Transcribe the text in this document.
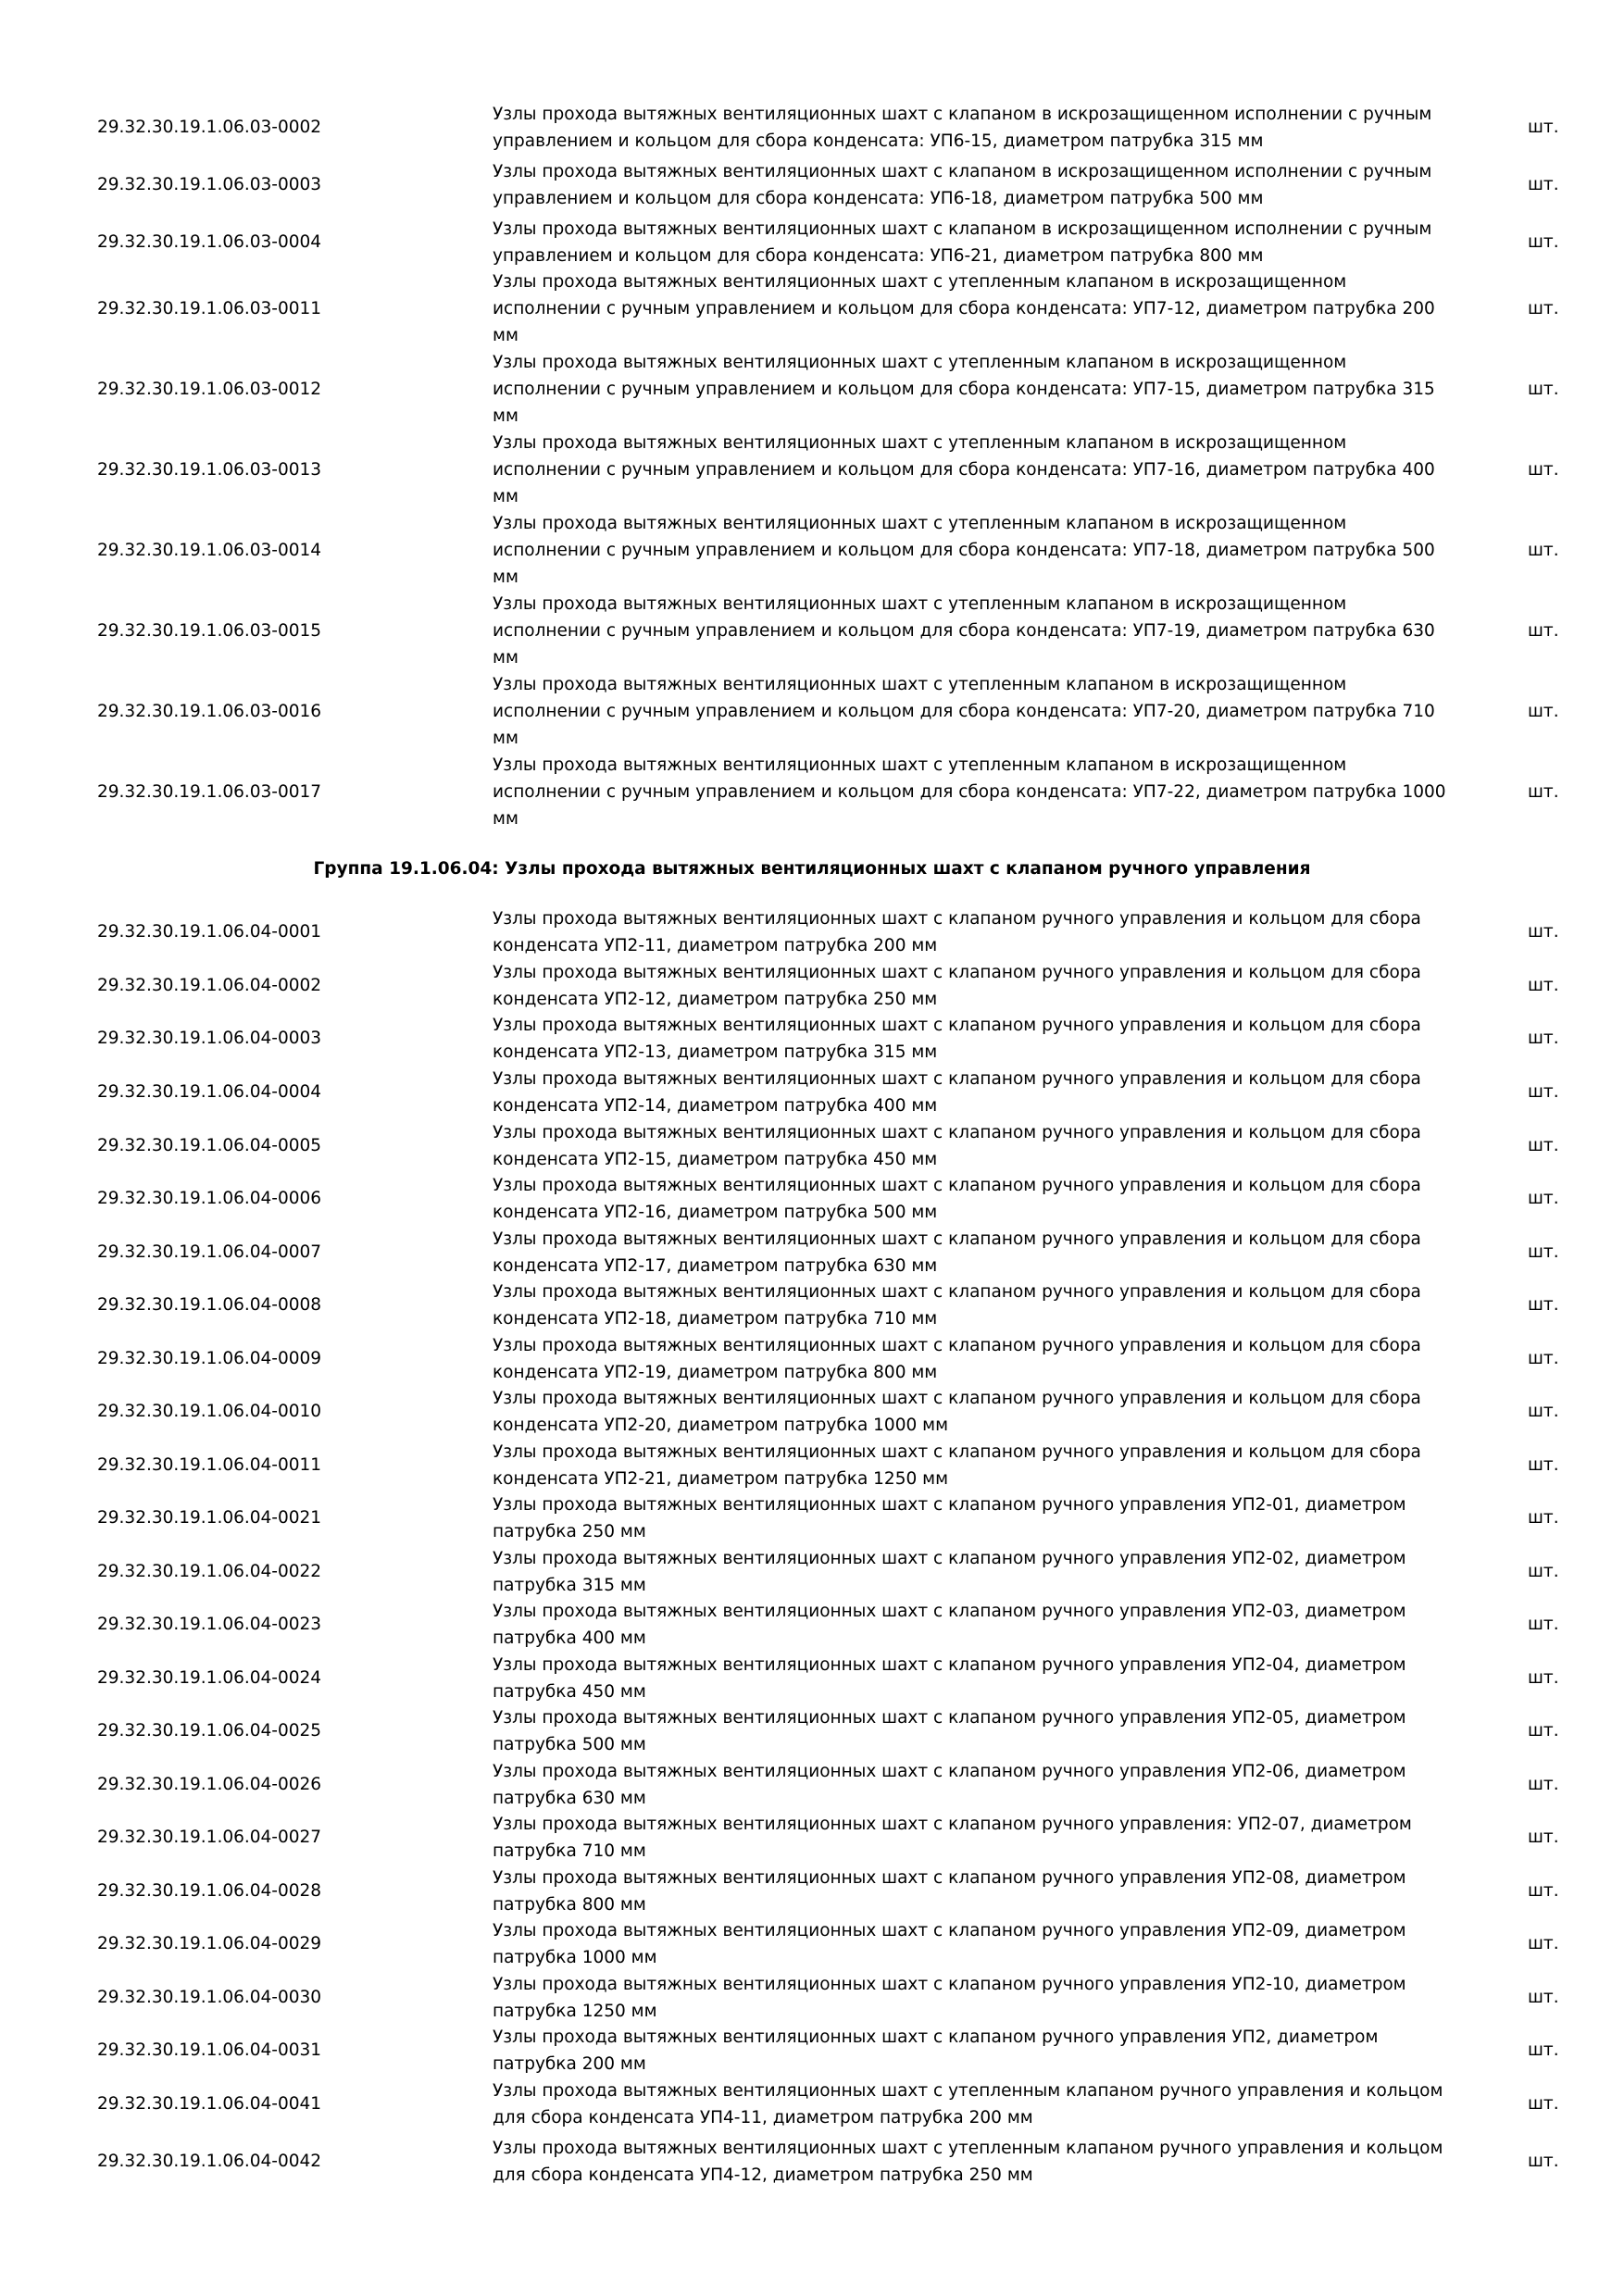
29.32.30.19.1.06.03-0002
Узлы прохода вытяжных вентиляционных шахт с клапаном в искрозащищенном исполнении с ручным управлением и кольцом для сбора конденсата: УП6-15, диаметром патрубка 315 мм
шт.
29.32.30.19.1.06.03-0003
Узлы прохода вытяжных вентиляционных шахт с клапаном в искрозащищенном исполнении с ручным управлением и кольцом для сбора конденсата: УП6-18, диаметром патрубка 500 мм
шт.
29.32.30.19.1.06.03-0004
Узлы прохода вытяжных вентиляционных шахт с клапаном в искрозащищенном исполнении с ручным управлением и кольцом для сбора конденсата: УП6-21, диаметром патрубка 800 мм
шт.
29.32.30.19.1.06.03-0011
Узлы прохода вытяжных вентиляционных шахт с утепленным клапаном в искрозащищенном исполнении с ручным управлением и кольцом для сбора конденсата: УП7-12, диаметром патрубка 200 мм
шт.
29.32.30.19.1.06.03-0012
Узлы прохода вытяжных вентиляционных шахт с утепленным клапаном в искрозащищенном исполнении с ручным управлением и кольцом для сбора конденсата: УП7-15, диаметром патрубка 315 мм
шт.
29.32.30.19.1.06.03-0013
Узлы прохода вытяжных вентиляционных шахт с утепленным клапаном в искрозащищенном исполнении с ручным управлением и кольцом для сбора конденсата: УП7-16, диаметром патрубка 400 мм
шт.
29.32.30.19.1.06.03-0014
Узлы прохода вытяжных вентиляционных шахт с утепленным клапаном в искрозащищенном исполнении с ручным управлением и кольцом для сбора конденсата: УП7-18, диаметром патрубка 500 мм
шт.
29.32.30.19.1.06.03-0015
Узлы прохода вытяжных вентиляционных шахт с утепленным клапаном в искрозащищенном исполнении с ручным управлением и кольцом для сбора конденсата: УП7-19, диаметром патрубка 630 мм
шт.
29.32.30.19.1.06.03-0016
Узлы прохода вытяжных вентиляционных шахт с утепленным клапаном в искрозащищенном исполнении с ручным управлением и кольцом для сбора конденсата: УП7-20, диаметром патрубка 710 мм
шт.
29.32.30.19.1.06.03-0017
Узлы прохода вытяжных вентиляционных шахт с утепленным клапаном в искрозащищенном исполнении с ручным управлением и кольцом для сбора конденсата: УП7-22, диаметром патрубка 1000 мм
шт.
Группа 19.1.06.04: Узлы прохода вытяжных вентиляционных шахт с клапаном ручного управления
29.32.30.19.1.06.04-0001
Узлы прохода вытяжных вентиляционных шахт с клапаном ручного управления и кольцом для сбора конденсата УП2-11, диаметром патрубка 200 мм
шт.
29.32.30.19.1.06.04-0002
Узлы прохода вытяжных вентиляционных шахт с клапаном ручного управления и кольцом для сбора конденсата УП2-12, диаметром патрубка 250 мм
шт.
29.32.30.19.1.06.04-0003
Узлы прохода вытяжных вентиляционных шахт с клапаном ручного управления и кольцом для сбора конденсата УП2-13, диаметром патрубка 315 мм
шт.
29.32.30.19.1.06.04-0004
Узлы прохода вытяжных вентиляционных шахт с клапаном ручного управления и кольцом для сбора конденсата УП2-14, диаметром патрубка 400 мм
шт.
29.32.30.19.1.06.04-0005
Узлы прохода вытяжных вентиляционных шахт с клапаном ручного управления и кольцом для сбора конденсата УП2-15, диаметром патрубка 450 мм
шт.
29.32.30.19.1.06.04-0006
Узлы прохода вытяжных вентиляционных шахт с клапаном ручного управления и кольцом для сбора конденсата УП2-16, диаметром патрубка 500 мм
шт.
29.32.30.19.1.06.04-0007
Узлы прохода вытяжных вентиляционных шахт с клапаном ручного управления и кольцом для сбора конденсата УП2-17, диаметром патрубка 630 мм
шт.
29.32.30.19.1.06.04-0008
Узлы прохода вытяжных вентиляционных шахт с клапаном ручного управления и кольцом для сбора конденсата УП2-18, диаметром патрубка 710 мм
шт.
29.32.30.19.1.06.04-0009
Узлы прохода вытяжных вентиляционных шахт с клапаном ручного управления и кольцом для сбора конденсата УП2-19, диаметром патрубка 800 мм
шт.
29.32.30.19.1.06.04-0010
Узлы прохода вытяжных вентиляционных шахт с клапаном ручного управления и кольцом для сбора конденсата УП2-20, диаметром патрубка 1000 мм
шт.
29.32.30.19.1.06.04-0011
Узлы прохода вытяжных вентиляционных шахт с клапаном ручного управления и кольцом для сбора конденсата УП2-21, диаметром патрубка 1250 мм
шт.
29.32.30.19.1.06.04-0021
Узлы прохода вытяжных вентиляционных шахт с клапаном ручного управления УП2-01, диаметром патрубка 250 мм
шт.
29.32.30.19.1.06.04-0022
Узлы прохода вытяжных вентиляционных шахт с клапаном ручного управления УП2-02, диаметром патрубка 315 мм
шт.
29.32.30.19.1.06.04-0023
Узлы прохода вытяжных вентиляционных шахт с клапаном ручного управления УП2-03, диаметром патрубка 400 мм
шт.
29.32.30.19.1.06.04-0024
Узлы прохода вытяжных вентиляционных шахт с клапаном ручного управления УП2-04, диаметром патрубка 450 мм
шт.
29.32.30.19.1.06.04-0025
Узлы прохода вытяжных вентиляционных шахт с клапаном ручного управления УП2-05, диаметром патрубка 500 мм
шт.
29.32.30.19.1.06.04-0026
Узлы прохода вытяжных вентиляционных шахт с клапаном ручного управления УП2-06, диаметром патрубка 630 мм
шт.
29.32.30.19.1.06.04-0027
Узлы прохода вытяжных вентиляционных шахт с клапаном ручного управления: УП2-07, диаметром патрубка 710 мм
шт.
29.32.30.19.1.06.04-0028
Узлы прохода вытяжных вентиляционных шахт с клапаном ручного управления УП2-08, диаметром патрубка 800 мм
шт.
29.32.30.19.1.06.04-0029
Узлы прохода вытяжных вентиляционных шахт с клапаном ручного управления УП2-09, диаметром патрубка 1000 мм
шт.
29.32.30.19.1.06.04-0030
Узлы прохода вытяжных вентиляционных шахт с клапаном ручного управления УП2-10, диаметром патрубка 1250 мм
шт.
29.32.30.19.1.06.04-0031
Узлы прохода вытяжных вентиляционных шахт с клапаном ручного управления УП2, диаметром патрубка 200 мм
шт.
29.32.30.19.1.06.04-0041
Узлы прохода вытяжных вентиляционных шахт с утепленным клапаном ручного управления и кольцом для сбора конденсата УП4-11, диаметром патрубка 200 мм
шт.
29.32.30.19.1.06.04-0042
Узлы прохода вытяжных вентиляционных шахт с утепленным клапаном ручного управления и кольцом для сбора конденсата УП4-12, диаметром патрубка 250 мм
шт.
